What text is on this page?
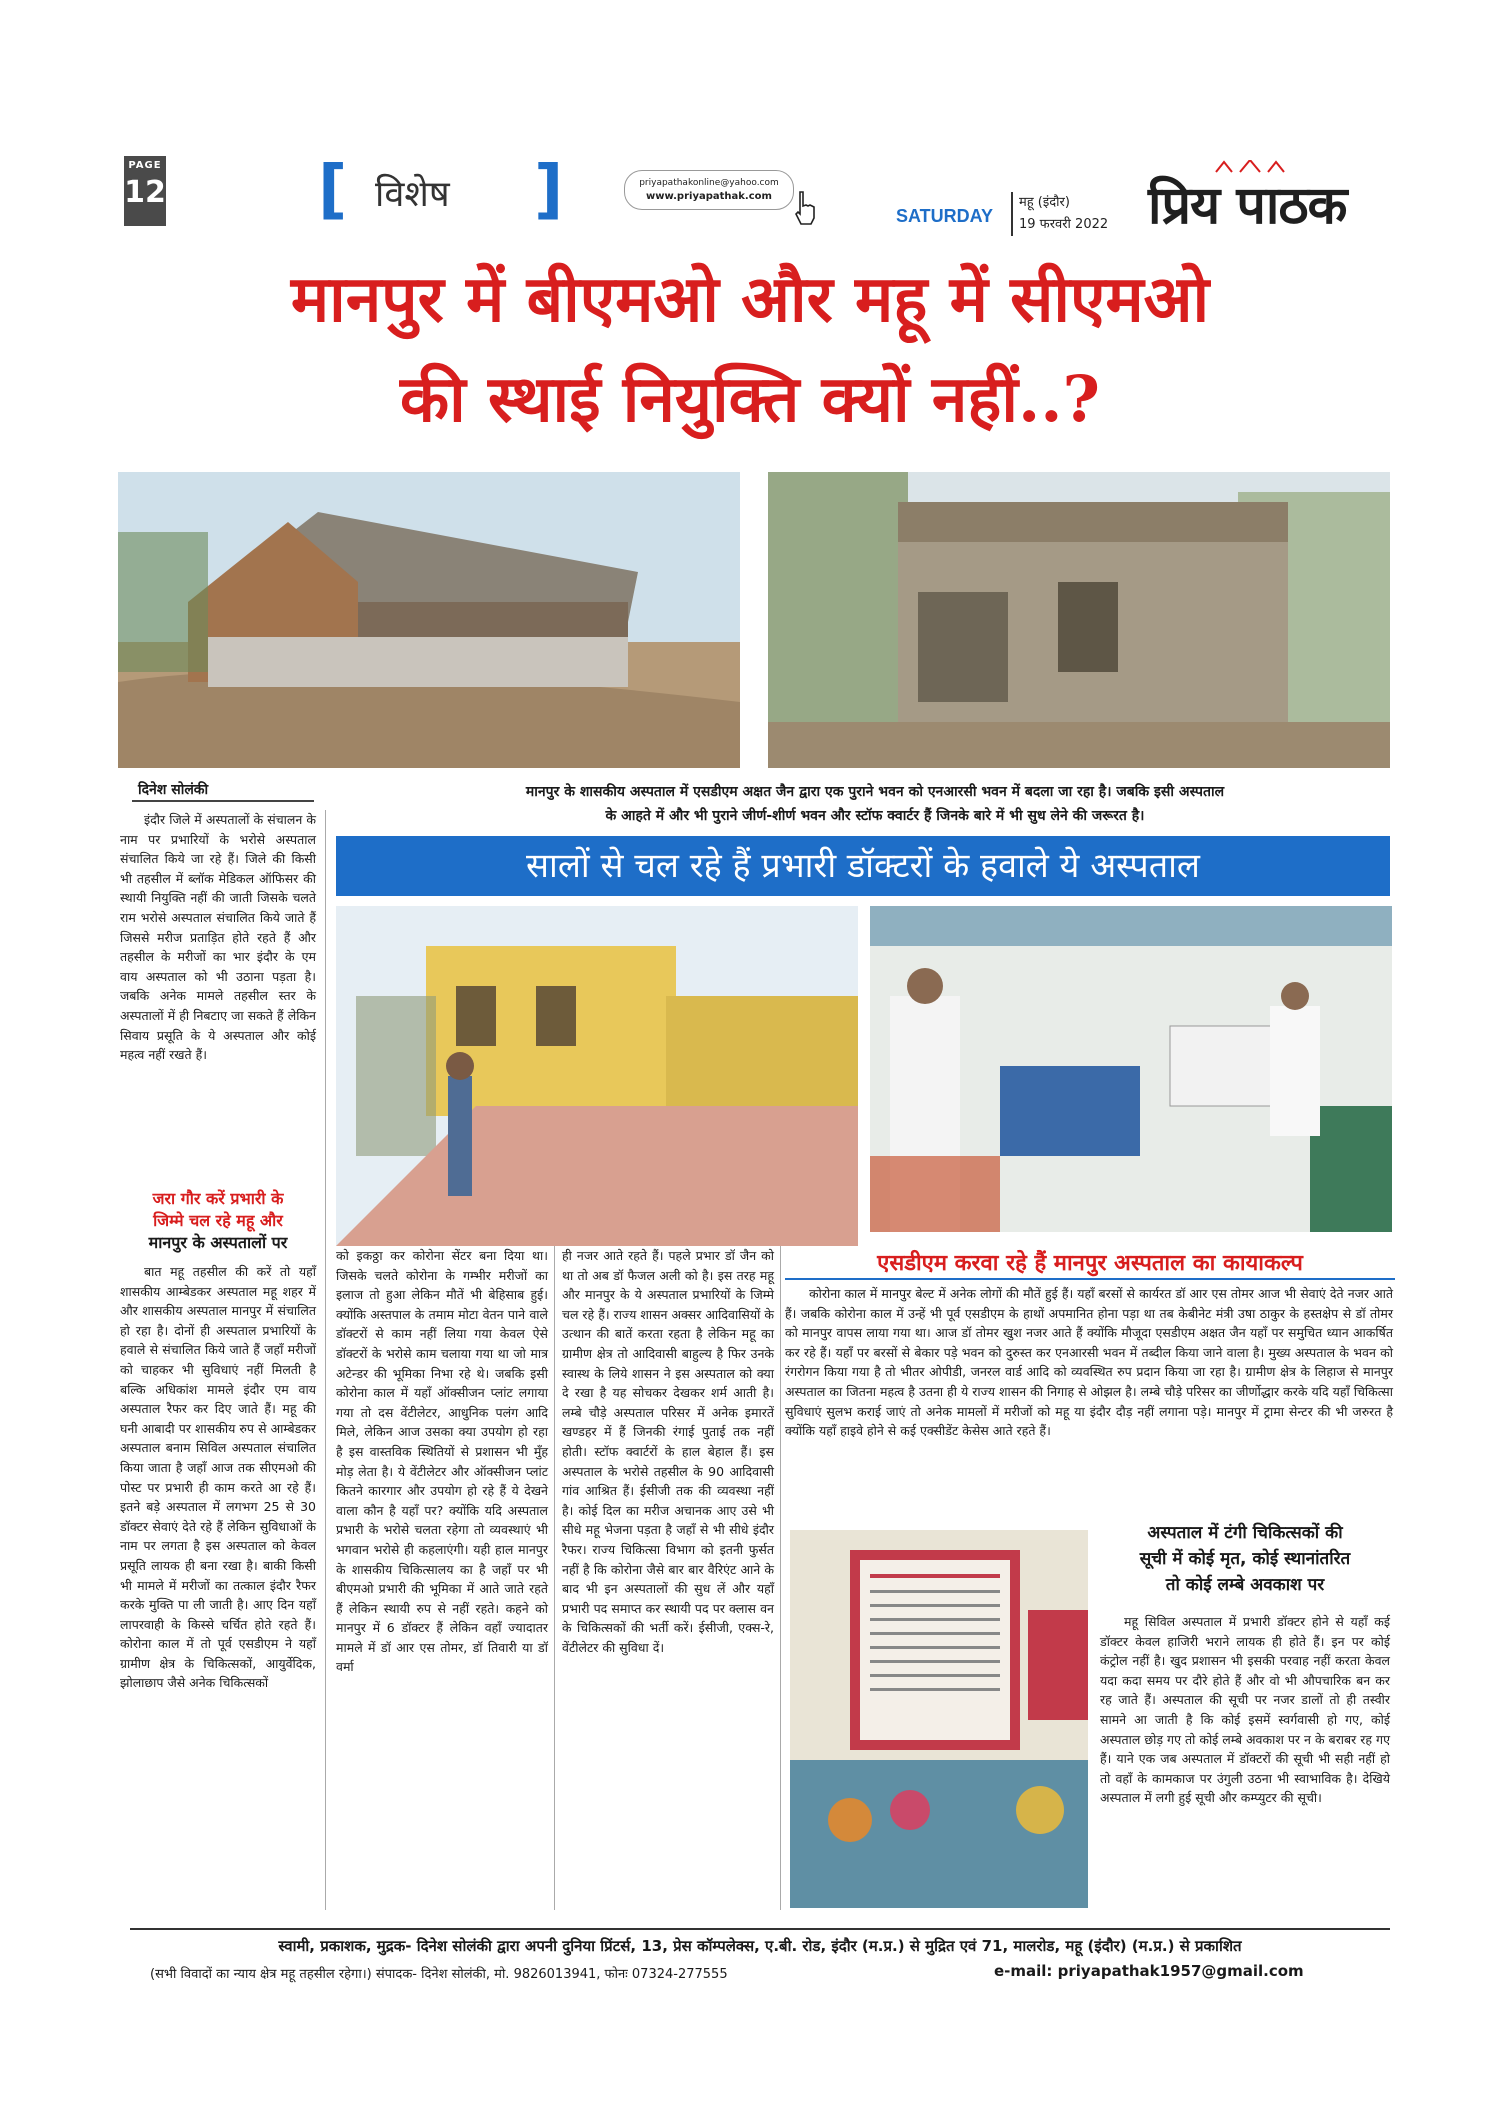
PAGE
12 [ विशेष ]	priyapathakonline@yahoo.com
www.priyapathak.com
SATURDAY
महू (इंदौर)
19 फरवरी 2022 प्रिय पाठक
मानपुर में बीएमओ और महू में सीएमओ
की स्थाई नियुक्ति क्यों नहीं..?
दिनेश सोलंकी	मानपुर के शासकीय अस्पताल में एसडीएम अक्षत जैन द्वारा एक पुराने भवन को एनआरसी भवन में बदला जा रहा है। जबकि इसी अस्पताल
के आहते में और भी पुराने जीर्ण-शीर्ण भवन और स्टॉफ क्वार्टर हैं जिनके बारे में भी सुध लेने की जरूरत है।

इंदौर जिले में अस्पतालों के संचालन के नाम पर प्रभारियों के भरोसे अस्पताल संचालित किये जा रहे हैं। जिले की किसी भी तहसील में ब्लॉक मेडिकल ऑफिसर की स्थायी नियुक्ति नहीं की जाती जिसके चलते राम भरोसे अस्पताल संचालित किये जाते हैं जिससे मरीज प्रताड़ित होते रहते हैं और तहसील के मरीजों का भार इंदौर के एम वाय अस्पताल को भी उठाना पड़ता है। जबकि अनेक मामले तहसील स्तर के अस्पतालों में ही निबटाए जा सकते हैं लेकिन सिवाय प्रसूति के ये अस्पताल और कोई महत्व नहीं रखते हैं।

जरा गौर करें प्रभारी के
जिम्मे चल रहे महू और
मानपुर के अस्पतालों पर

बात महू तहसील की करें तो यहाँ शासकीय आम्बेडकर अस्पताल महू शहर में और शासकीय अस्पताल मानपुर में संचालित हो रहा है। दोनों ही अस्पताल प्रभारियों के हवाले से संचालित किये जाते हैं जहाँ मरीजों को चाहकर भी सुविधाएं नहीं मिलती है बल्कि अधिकांश मामले इंदौर एम वाय अस्पताल रैफर कर दिए जाते हैं। महू की घनी आबादी पर शासकीय रुप से आम्बेडकर अस्पताल बनाम सिविल अस्पताल संचालित किया जाता है जहाँ आज तक सीएमओ की पोस्ट पर प्रभारी ही काम करते आ रहे हैं। इतने बड़े अस्पताल में लगभग 25 से 30 डॉक्टर सेवाएं देते रहे हैं लेकिन सुविधाओं के नाम पर लगता है इस अस्पताल को केवल प्रसूति लायक ही बना रखा है। बाकी किसी भी मामले में मरीजों का तत्काल इंदौर रैफर करके मुक्ति पा ली जाती है। आए दिन यहाँ लापरवाही के किस्से चर्चित होते रहते हैं। कोरोना काल में तो पूर्व एसडीएम ने यहाँ ग्रामीण क्षेत्र के चिकित्सकों, आयुर्वेदिक, झोलाछाप जैसे अनेक चिकित्सकों

सालों से चल रहे हैं प्रभारी डॉक्टरों के हवाले ये अस्पताल

को इकठ्ठा कर कोरोना सेंटर बना दिया था। जिसके चलते कोरोना के गम्भीर मरीजों का इलाज तो हुआ लेकिन मौतें भी बेहिसाब हुई। क्योंकि अस्तपाल के तमाम मोटा वेतन पाने वाले डॉक्टरों से काम नहीं लिया गया केवल ऐसे डॉक्टरों के भरोसे काम चलाया गया था जो मात्र अटेन्डर की भूमिका निभा रहे थे। जबकि इसी कोरोना काल में यहाँ ऑक्सीजन प्लांट लगाया गया तो दस वेंटीलेटर, आधुनिक पलंग आदि मिले, लेकिन आज उसका क्या उपयोग हो रहा है इस वास्तविक स्थितियों से प्रशासन भी मुँह मोड़ लेता है। ये वेंटीलेटर और ऑक्सीजन प्लांट कितने कारगार और उपयोग हो रहे हैं ये देखने वाला कौन है यहाँ पर? क्योंकि यदि अस्पताल प्रभारी के भरोसे चलता रहेगा तो व्यवस्थाएं भी भगवान भरोसे ही कहलाएंगी। यही हाल मानपुर के शासकीय चिकित्सालय का है जहाँ पर भी बीएमओ प्रभारी की भूमिका में आते जाते रहते हैं लेकिन स्थायी रुप से नहीं रहते। कहने को मानपुर में 6 डॉक्टर हैं लेकिन वहाँ ज्यादातर मामले में डॉ आर एस तोमर, डॉ तिवारी या डॉ वर्मा

ही नजर आते रहते हैं। पहले प्रभार डॉ जैन को था तो अब डॉ फैजल अली को है। इस तरह महू और मानपुर के ये अस्पताल प्रभारियों के जिम्मे चल रहे हैं। राज्य शासन अक्सर आदिवासियों के उत्थान की बातें करता रहता है लेकिन महू का ग्रामीण क्षेत्र तो आदिवासी बाहुल्य है फिर उनके स्वास्थ के लिये शासन ने इस अस्पताल को क्या दे रखा है यह सोचकर देखकर शर्म आती है। लम्बे चौड़े अस्पताल परिसर में अनेक इमारतें खण्डहर में हैं जिनकी रंगाई पुताई तक नहीं होती। स्टॉफ क्वार्टरों के हाल बेहाल हैं। इस अस्पताल के भरोसे तहसील के 90 आदिवासी गांव आश्रित हैं। ईसीजी तक की व्यवस्था नहीं है। कोई दिल का मरीज अचानक आए उसे भी सीधे महू भेजना पड़ता है जहाँ से भी सीधे इंदौर रैफर। राज्य चिकित्सा विभाग को इतनी फुर्सत नहीं है कि कोरोना जैसे बार बार वैरिएंट आने के बाद भी इन अस्पतालों की सुध लें और यहाँ प्रभारी पद समाप्त कर स्थायी पद पर क्लास वन के चिकित्सकों की भर्ती करें। ईसीजी, एक्स-रे, वेंटीलेटर की सुविधा दें।

एसडीएम करवा रहे हैं मानपुर अस्पताल का कायाकल्प

कोरोना काल में मानपुर बेल्ट में अनेक लोगों की मौतें हुई हैं। यहाँ बरसों से कार्यरत डॉ आर एस तोमर आज भी सेवाएं देते नजर आते हैं। जबकि कोरोना काल में उन्हें भी पूर्व एसडीएम के हाथों अपमानित होना पड़ा था तब केबीनेट मंत्री उषा ठाकुर के हस्तक्षेप से डॉ तोमर को मानपुर वापस लाया गया था। आज डॉ तोमर खुश नजर आते हैं क्योंकि मौजूदा एसडीएम अक्षत जैन यहाँ पर समुचित ध्यान आकर्षित कर रहे हैं। यहाँ पर बरसों से बेकार पड़े भवन को दुरुस्त कर एनआरसी भवन में तब्दील किया जाने वाला है। मुख्य अस्पताल के भवन को रंगरोगन किया गया है तो भीतर ओपीडी, जनरल वार्ड आदि को व्यवस्थित रुप प्रदान किया जा रहा है। ग्रामीण क्षेत्र के लिहाज से मानपुर अस्पताल का जितना महत्व है उतना ही ये राज्य शासन की निगाह से ओझल है। लम्बे चौड़े परिसर का जीर्णोद्धार करके यदि यहाँ चिकित्सा सुविधाएं सुलभ कराई जाएं तो अनेक मामलों में मरीजों को महू या इंदौर दौड़ नहीं लगाना पड़े। मानपुर में ट्रामा सेन्टर की भी जरुरत है क्योंकि यहाँ हाइवे होने से कई एक्सीडेंट केसेस आते रहते हैं।

अस्पताल में टंगी चिकित्सकों की
सूची में कोई मृत, कोई स्थानांतरित
तो कोई लम्बे अवकाश पर

महू सिविल अस्पताल में प्रभारी डॉक्टर होने से यहाँ कई डॉक्टर केवल हाजिरी भराने लायक ही होते हैं। इन पर कोई कंट्रोल नहीं है। खुद प्रशासन भी इसकी परवाह नहीं करता केवल यदा कदा समय पर दौरे होते हैं और वो भी औपचारिक बन कर रह जाते हैं। अस्पताल की सूची पर नजर डालों तो ही तस्वीर सामने आ जाती है कि कोई इसमें स्वर्गवासी हो गए, कोई अस्पताल छोड़ गए तो कोई लम्बे अवकाश पर न के बराबर रह गए हैं। याने एक जब अस्पताल में डॉक्टरों की सूची भी सही नहीं हो तो वहाँ के कामकाज पर उंगुली उठना भी स्वाभाविक है। देखिये अस्पताल में लगी हुई सूची और कम्प्युटर की सूची।

स्वामी, प्रकाशक, मुद्रक- दिनेश सोलंकी द्वारा अपनी दुनिया प्रिंटर्स, 13, प्रेस कॉम्पलेक्स, ए.बी. रोड, इंदौर (म.प्र.) से मुद्रित एवं 71, मालरोड, महू (इंदौर) (म.प्र.) से प्रकाशित
(सभी विवादों का न्याय क्षेत्र महू तहसील रहेगा।) संपादक- दिनेश सोलंकी, मो. 9826013941, फोनः 07324-277555	e-mail: priyapathak1957@gmail.com
